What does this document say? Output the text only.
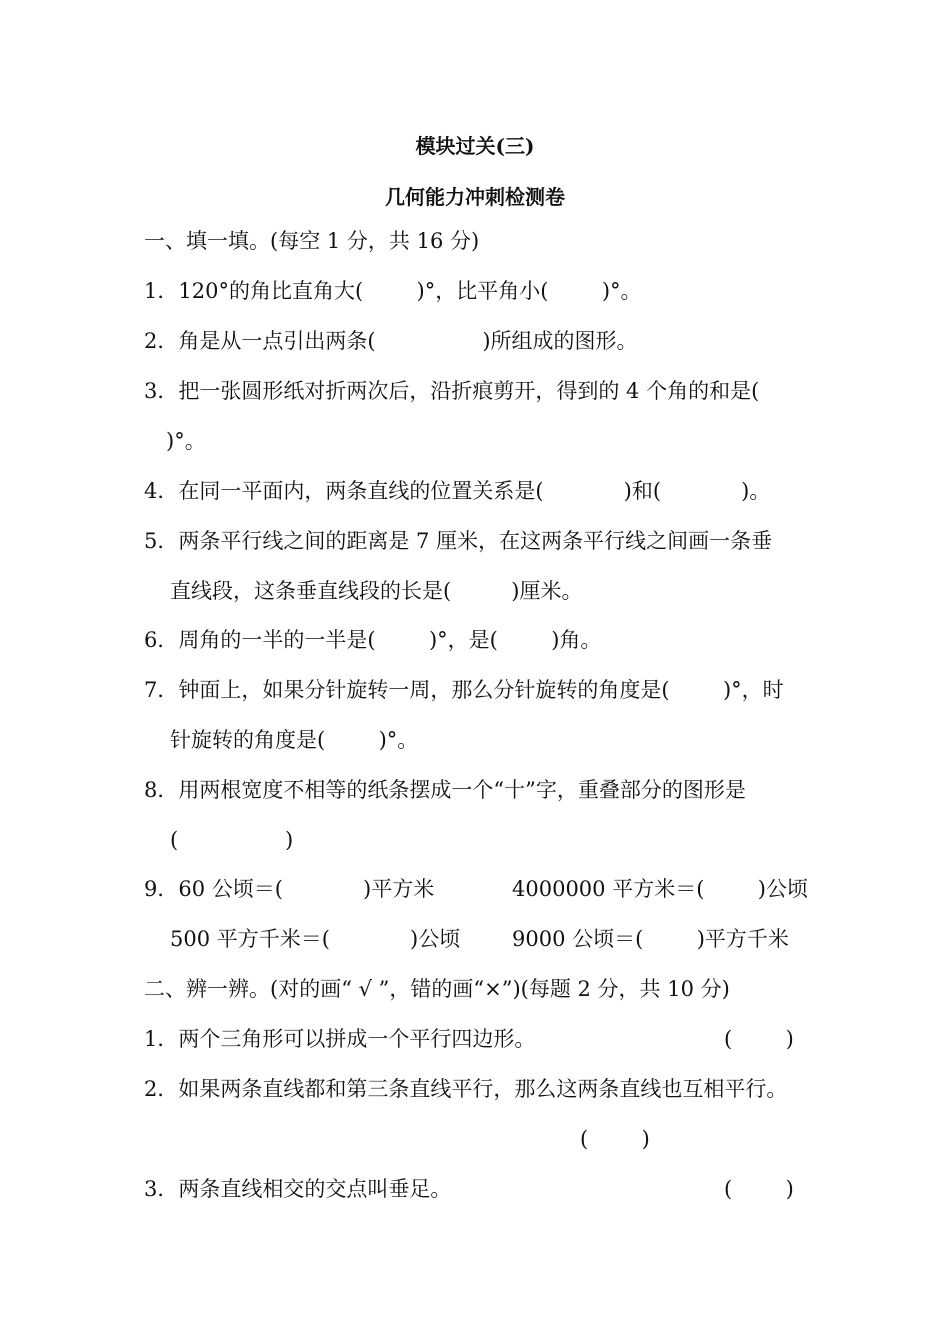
模块过关(三)
几何能力冲刺检测卷
一、填一填。(每空 1 分，共 16 分)
1．120°的角比直角大(        )°，比平角小(        )°。
2．角是从一点引出两条(                )所组成的图形。
3．把一张圆形纸对折两次后，沿折痕剪开，得到的 4 个角的和是(
)°。
4．在同一平面内，两条直线的位置关系是(            )和(            )。
5．两条平行线之间的距离是 7 厘米，在这两条平行线之间画一条垂
直线段，这条垂直线段的长是(         )厘米。
6．周角的一半的一半是(        )°，是(        )角。
7．钟面上，如果分针旋转一周，那么分针旋转的角度是(        )°，时
针旋转的角度是(        )°。
8．用两根宽度不相等的纸条摆成一个“十”字，重叠部分的图形是
(                )
9．60 公顷＝(            )平方米	4000000 平方米＝(        )公顷
500 平方千米＝(            )公顷 9000 公顷＝(        )平方千米
二、辨一辨。(对的画“ √ ”，错的画“×”)(每题 2 分，共 10 分)
1．两个三角形可以拼成一个平行四边形。	(        )
2．如果两条直线都和第三条直线平行，那么这两条直线也互相平行。
(        )
3．两条直线相交的交点叫垂足。	(        )
